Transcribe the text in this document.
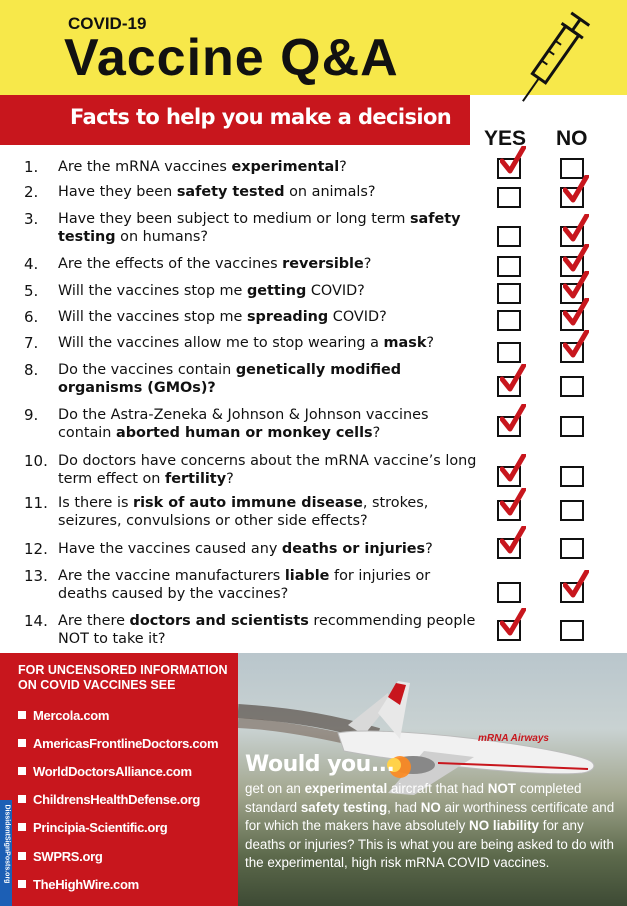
COVID-19
Vaccine Q&A
Facts to help you make a decision
YES NO
1. Are the mRNA vaccines experimental?
2. Have they been safety tested on animals?
3. Have they been subject to medium or long term safety testing on humans?
4. Are the effects of the vaccines reversible?
5. Will the vaccines stop me getting COVID?
6. Will the vaccines stop me spreading COVID?
7. Will the vaccines allow me to stop wearing a mask?
8. Do the vaccines contain genetically modified organisms (GMOs)?
9. Do the Astra-Zeneka & Johnson & Johnson vaccines contain aborted human or monkey cells?
10. Do doctors have concerns about the mRNA vaccine’s long term effect on fertility?
11. Is there is risk of auto immune disease, strokes, seizures, convulsions or other side effects?
12. Have the vaccines caused any deaths or injuries?
13. Are the vaccine manufacturers liable for injuries or deaths caused by the vaccines?
14. Are there doctors and scientists recommending people NOT to take it?
FOR UNCENSORED INFORMATION ON COVID VACCINES SEE
Mercola.com
AmericasFrontlineDoctors.com
WorldDoctorsAlliance.com
ChildrensHealthDefense.org
Principia-Scientific.org
SWPRS.org
TheHighWire.com
DissidentSignPosts.org
mRNA Airways
Would you...
get on an experimental aircraft that had NOT completed standard safety testing, had NO air worthiness certificate and for which the makers have absolutely NO liability for any deaths or injuries? This is what you are being asked to do with the experimental, high risk mRNA COVID vaccines.
